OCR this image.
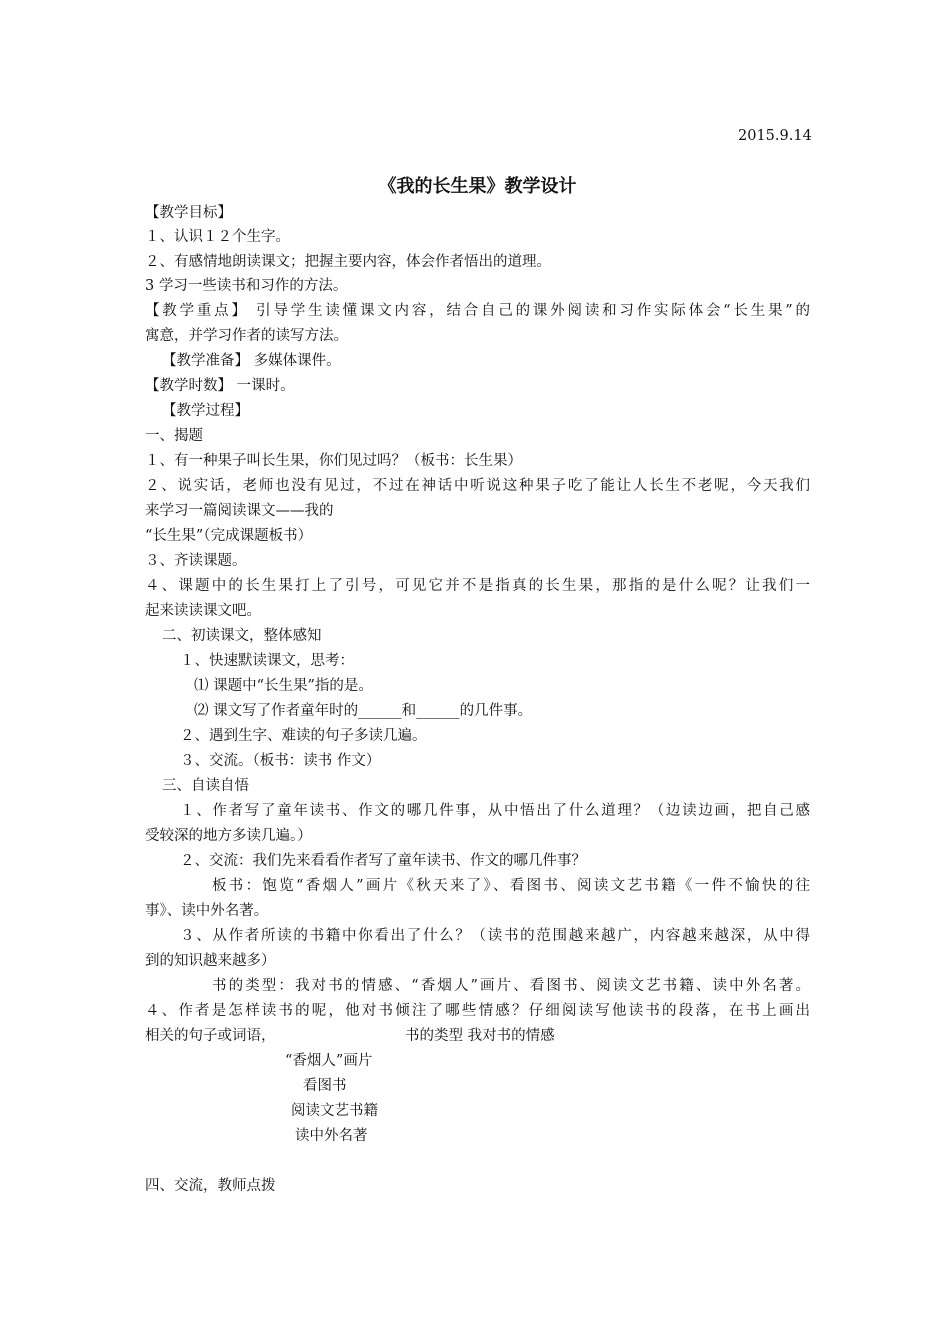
2015.9.14
《我的长生果》教学设计
【教学目标】
１、认识１２个生字。
２、有感情地朗读课文；把握主要内容，体会作者悟出的道理。
3 学习一些读书和习作的方法。
【教学重点】 引导学生读懂课文内容，结合自己的课外阅读和习作实际体会“长生果”的
寓意，并学习作者的读写方法。
【教学准备】 多媒体课件。
【教学时数】 一课时。
【教学过程】
一、揭题
１、有一种果子叫长生果，你们见过吗？（板书：长生果）
２、说实话，老师也没有见过，不过在神话中听说这种果子吃了能让人长生不老呢，今天我们
来学习一篇阅读课文——我的
“长生果”（完成课题板书）
３、齐读课题。
４、课题中的长生果打上了引号，可见它并不是指真的长生果，那指的是什么呢？让我们一
起来读读课文吧。
二、初读课文，整体感知
１、快速默读课文，思考：
⑴ 课题中“长生果”指的是。
⑵ 课文写了作者童年时的______和______的几件事。
２、遇到生字、难读的句子多读几遍。
３、交流。（板书：读书 作文）
三、自读自悟
１、作者写了童年读书、作文的哪几件事，从中悟出了什么道理？（边读边画，把自己感
受较深的地方多读几遍。）
２、交流：我们先来看看作者写了童年读书、作文的哪几件事？
板书：饱览“香烟人”画片《秋天来了》、看图书、阅读文艺书籍《一件不愉快的往
事》、读中外名著。
３、从作者所读的书籍中你看出了什么？（读书的范围越来越广，内容越来越深，从中得
到的知识越来越多）
书的类型：我对书的情感、“香烟人”画片、看图书、阅读文艺书籍、读中外名著。
４、作者是怎样读书的呢，他对书倾注了哪些情感？仔细阅读写他读书的段落，在书上画出
相关的句子或词语，	书的类型 我对书的情感
“香烟人”画片
看图书
阅读文艺书籍
读中外名著
四、交流，教师点拨
